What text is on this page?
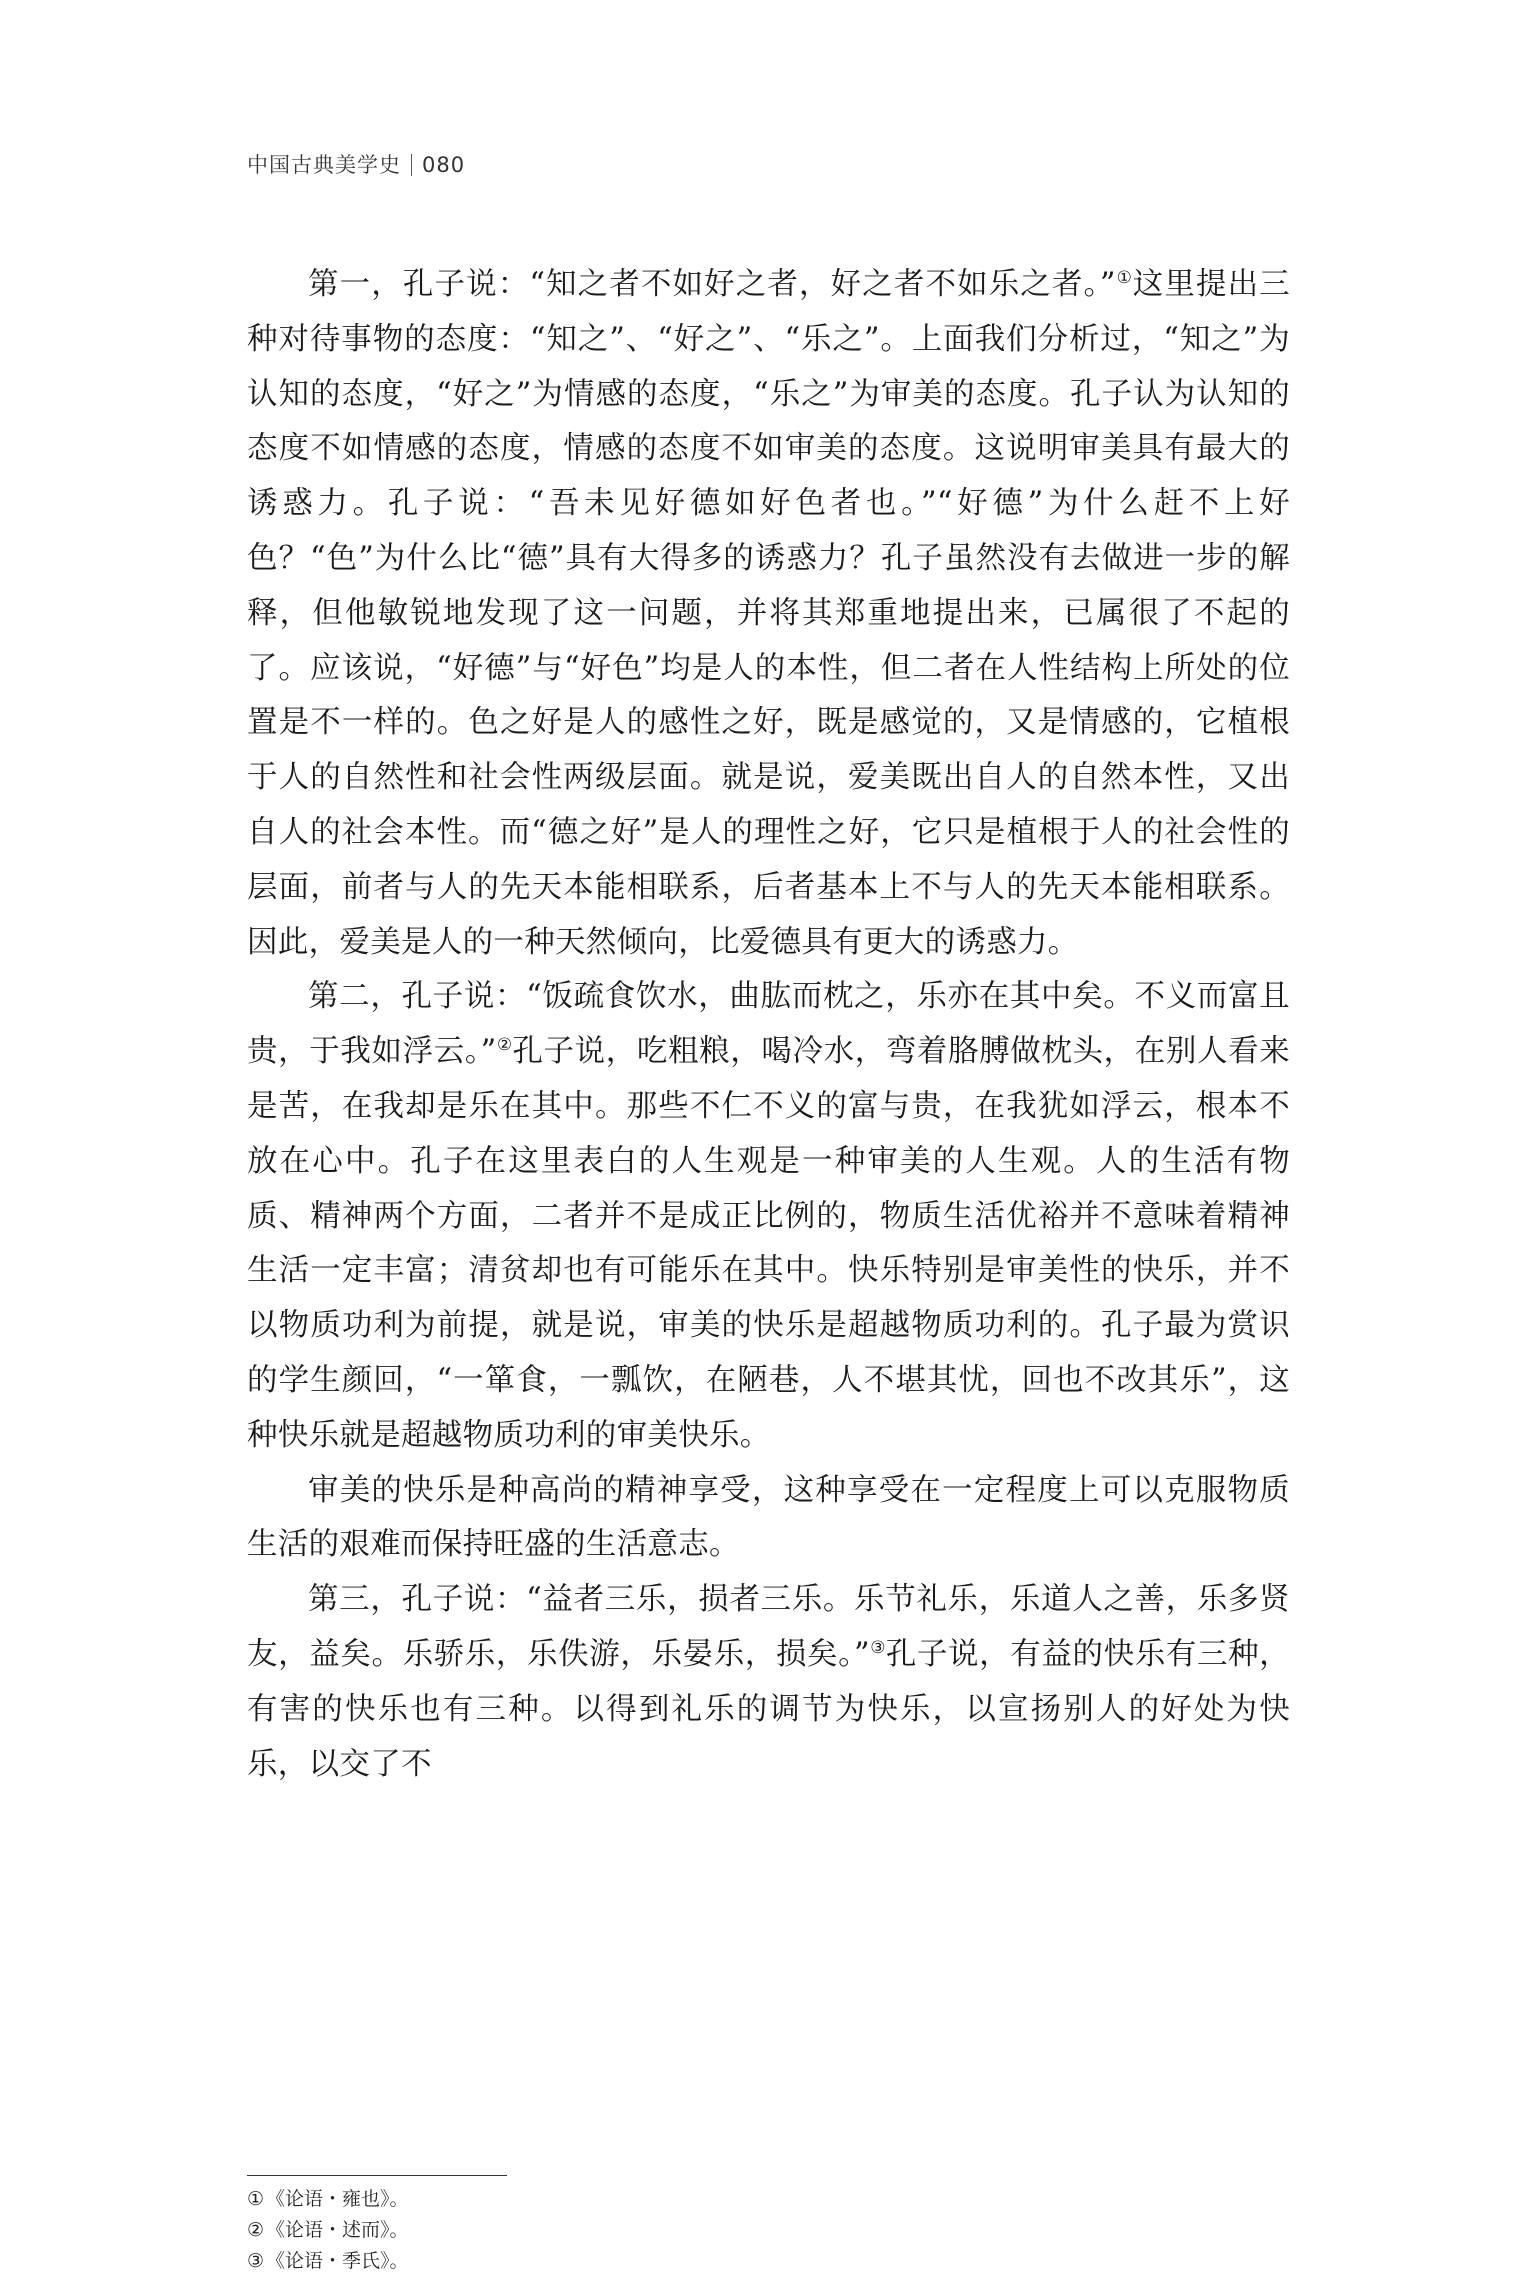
中国古典美学史 080

第一，孔子说：“知之者不如好之者，好之者不如乐之者。”①这里提出三种对待事物的态度：“知之”、“好之”、“乐之”。上面我们分析过，“知之”为认知的态度，“好之”为情感的态度，“乐之”为审美的态度。孔子认为认知的态度不如情感的态度，情感的态度不如审美的态度。这说明审美具有最大的诱惑力。孔子说：“吾未见好德如好色者也。”“好德”为什么赶不上好色？“色”为什么比“德”具有大得多的诱惑力？孔子虽然没有去做进一步的解释，但他敏锐地发现了这一问题，并将其郑重地提出来，已属很了不起的了。应该说，“好德”与“好色”均是人的本性，但二者在人性结构上所处的位置是不一样的。色之好是人的感性之好，既是感觉的，又是情感的，它植根于人的自然性和社会性两级层面。就是说，爱美既出自人的自然本性，又出自人的社会本性。而“德之好”是人的理性之好，它只是植根于人的社会性的层面，前者与人的先天本能相联系，后者基本上不与人的先天本能相联系。因此，爱美是人的一种天然倾向，比爱德具有更大的诱惑力。

第二，孔子说：“饭疏食饮水，曲肱而枕之，乐亦在其中矣。不义而富且贵，于我如浮云。”②孔子说，吃粗粮，喝冷水，弯着胳膊做枕头，在别人看来是苦，在我却是乐在其中。那些不仁不义的富与贵，在我犹如浮云，根本不放在心中。孔子在这里表白的人生观是一种审美的人生观。人的生活有物质、精神两个方面，二者并不是成正比例的，物质生活优裕并不意味着精神生活一定丰富；清贫却也有可能乐在其中。快乐特别是审美性的快乐，并不以物质功利为前提，就是说，审美的快乐是超越物质功利的。孔子最为赏识的学生颜回，“一箪食，一瓢饮，在陋巷，人不堪其忧，回也不改其乐”，这种快乐就是超越物质功利的审美快乐。

审美的快乐是种高尚的精神享受，这种享受在一定程度上可以克服物质生活的艰难而保持旺盛的生活意志。

第三，孔子说：“益者三乐，损者三乐。乐节礼乐，乐道人之善，乐多贤友，益矣。乐骄乐，乐佚游，乐晏乐，损矣。”③孔子说，有益的快乐有三种，有害的快乐也有三种。以得到礼乐的调节为快乐，以宣扬别人的好处为快乐，以交了不

① 《论语・雍也》。
② 《论语・述而》。
③ 《论语・季氏》。
